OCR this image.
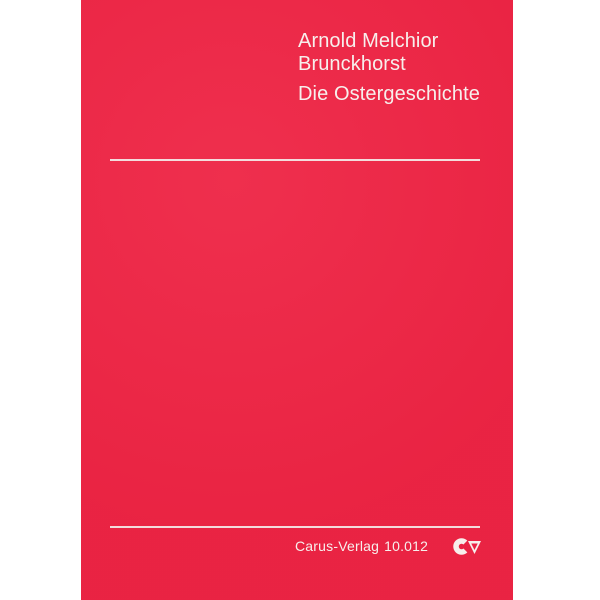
Arnold Melchior
Brunckhorst
Die Ostergeschichte
Carus-Verlag 10.012
